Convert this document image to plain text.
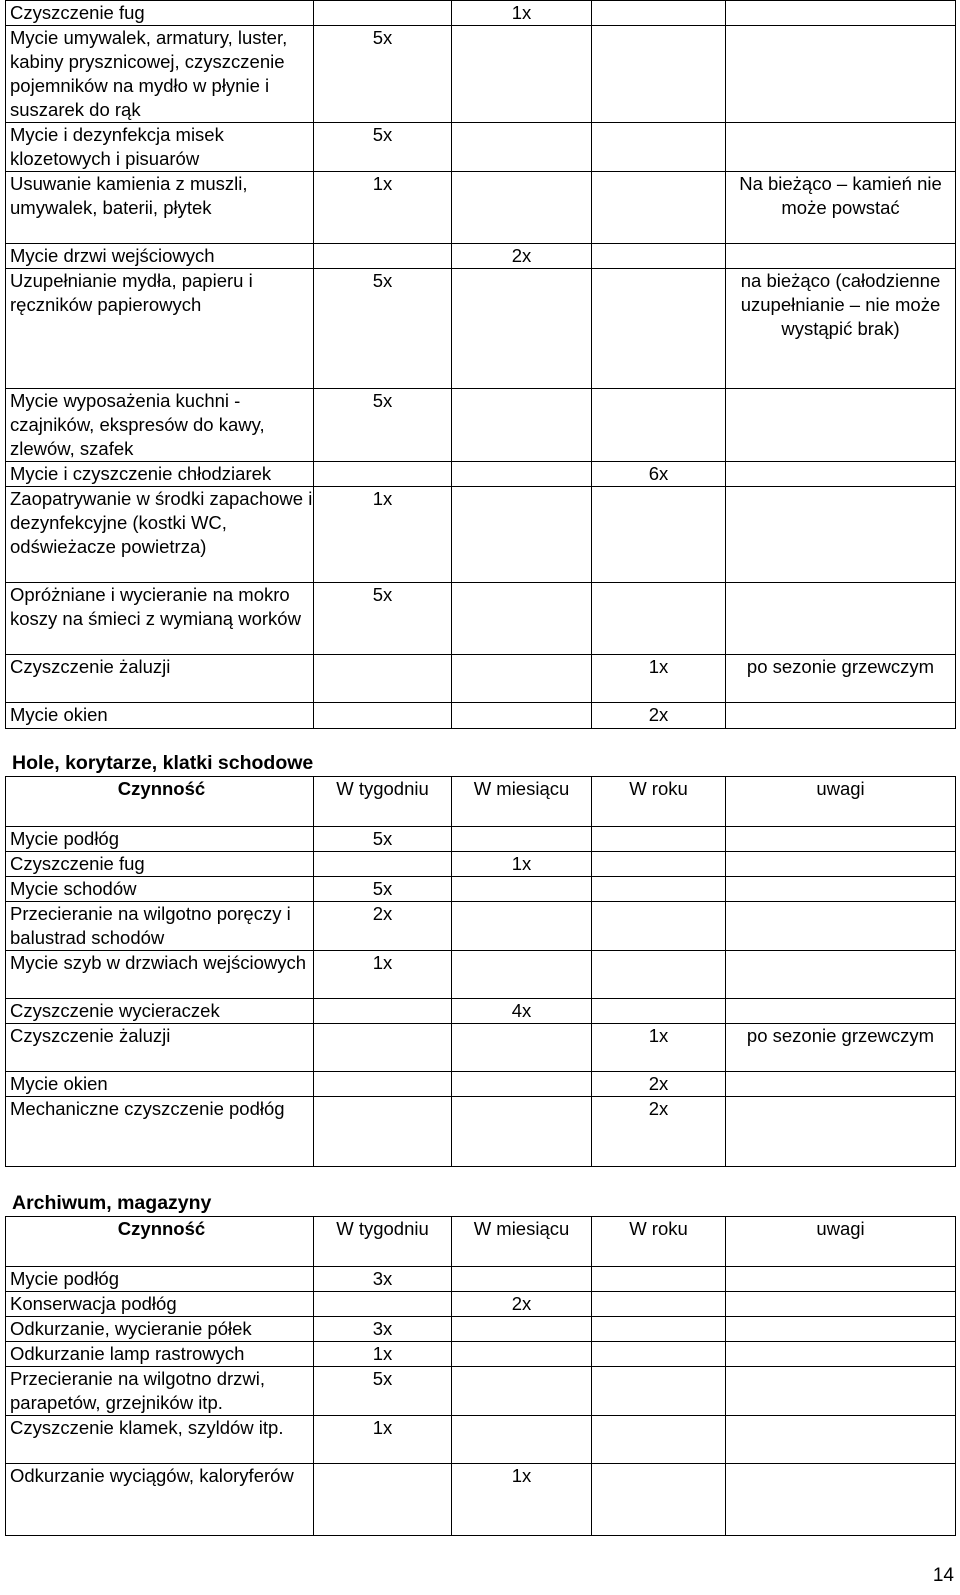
Czyszczenie fug		1x		
Mycie umywalek, armatury, luster, kabiny prysznicowej, czyszczenie pojemników na mydło w płynie i suszarek do rąk	5x			
Mycie i dezynfekcja misek klozetowych i pisuarów	5x			
Usuwanie kamienia z muszli, umywalek, baterii, płytek	1x			Na bieżąco – kamień nie może powstać
Mycie drzwi wejściowych		2x		
Uzupełnianie mydła, papieru i ręczników papierowych	5x			na bieżąco (całodzienne uzupełnianie – nie może wystąpić brak)
Mycie wyposażenia kuchni - czajników, ekspresów do kawy, zlewów, szafek	5x			
Mycie i czyszczenie chłodziarek			6x	
Zaopatrywanie w środki zapachowe i dezynfekcyjne (kostki WC, odświeżacze powietrza)	1x			
Opróżniane i wycieranie na mokro koszy na śmieci z wymianą worków	5x			
Czyszczenie żaluzji			1x	po sezonie grzewczym
Mycie okien			2x	
Hole, korytarze, klatki schodowe
Czynność	W tygodniu	W miesiącu	W roku	uwagi
Mycie podłóg	5x			
Czyszczenie fug		1x		
Mycie schodów	5x			
Przecieranie na wilgotno poręczy i balustrad schodów	2x			
Mycie szyb w drzwiach wejściowych	1x			
Czyszczenie wycieraczek		4x		
Czyszczenie żaluzji			1x	po sezonie grzewczym
Mycie okien			2x	
Mechaniczne czyszczenie podłóg			2x	
Archiwum, magazyny
Czynność	W tygodniu	W miesiącu	W roku	uwagi
Mycie podłóg	3x			
Konserwacja podłóg		2x		
Odkurzanie, wycieranie półek	3x			
Odkurzanie lamp rastrowych	1x			
Przecieranie na wilgotno drzwi, parapetów, grzejników itp.	5x			
Czyszczenie klamek, szyldów itp.	1x			
Odkurzanie wyciągów, kaloryferów		1x		
14
